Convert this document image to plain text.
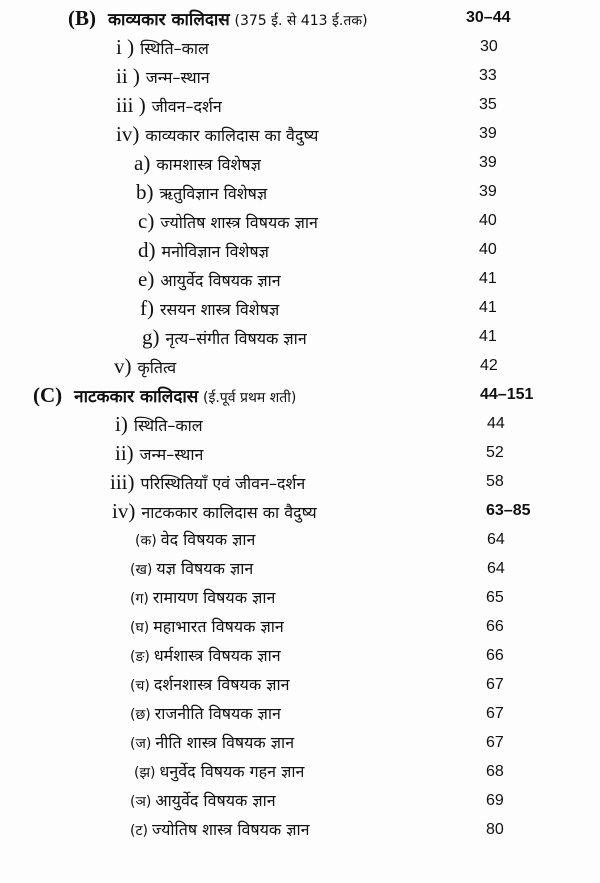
(B) काव्यकार कालिदास (375 ई. से 413 ई.तक)	30–44
i ) स्थिति–काल	30
ii ) जन्म–स्थान	33
iii ) जीवन–दर्शन	35
iv) काव्यकार कालिदास का वैदुष्य	39
a) कामशास्त्र विशेषज्ञ	39
b) ऋतुविज्ञान विशेषज्ञ	39
c) ज्योतिष शास्त्र विषयक ज्ञान	40
d) मनोविज्ञान विशेषज्ञ	40
e) आयुर्वेद विषयक ज्ञान	41
f) रसयन शास्त्र विशेषज्ञ	41
g) नृत्य–संगीत विषयक ज्ञान	41
v) कृतित्व	42
(C) नाटककार कालिदास (ई.पूर्व प्रथम शती)	44–151
i) स्थिति–काल	44
ii) जन्म–स्थान	52
iii) परिस्थितियाँ एवं जीवन–दर्शन	58
iv) नाटककार कालिदास का वैदुष्य	63–85
(क) वेद विषयक ज्ञान	64
(ख) यज्ञ विषयक ज्ञान	64
(ग) रामायण विषयक ज्ञान	65
(घ) महाभारत विषयक ज्ञान	66
(ङ) धर्मशास्त्र विषयक ज्ञान	66
(च) दर्शनशास्त्र विषयक ज्ञान	67
(छ) राजनीति विषयक ज्ञान	67
(ज) नीति शास्त्र विषयक ज्ञान	67
(झ) धनुर्वेद विषयक गहन ज्ञान	68
(ञ) आयुर्वेद विषयक ज्ञान	69
(ट) ज्योतिष शास्त्र विषयक ज्ञान	80
